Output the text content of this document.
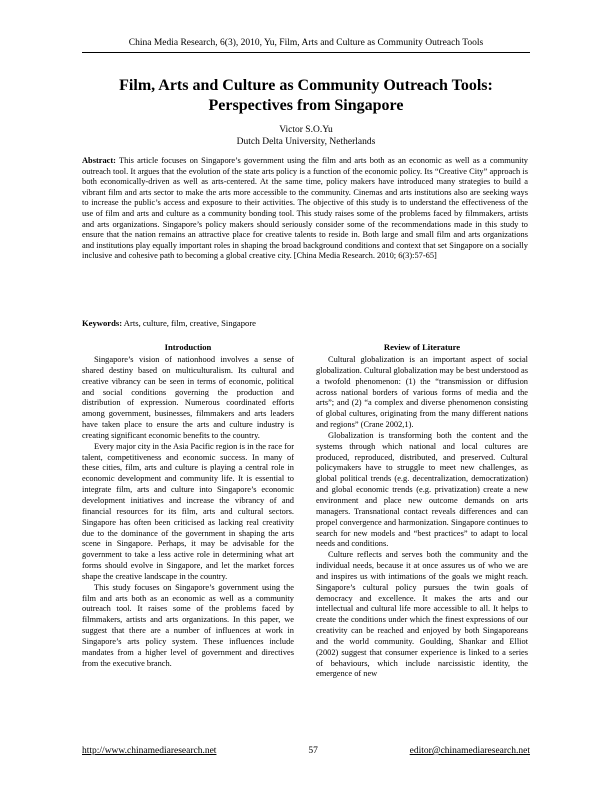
China Media Research, 6(3), 2010, Yu, Film, Arts and Culture as Community Outreach Tools
Film, Arts and Culture as Community Outreach Tools:
Perspectives from Singapore
Victor S.O.Yu
Dutch Delta University, Netherlands
Abstract: This article focuses on Singapore’s government using the film and arts both as an economic as well as a community outreach tool. It argues that the evolution of the state arts policy is a function of the economic policy. Its “Creative City” approach is both economically-driven as well as arts-centered. At the same time, policy makers have introduced many strategies to build a vibrant film and arts sector to make the arts more accessible to the community. Cinemas and arts institutions also are seeking ways to increase the public’s access and exposure to their activities. The objective of this study is to understand the effectiveness of the use of film and arts and culture as a community bonding tool. This study raises some of the problems faced by filmmakers, artists and arts organizations. Singapore’s policy makers should seriously consider some of the recommendations made in this study to ensure that the nation remains an attractive place for creative talents to reside in. Both large and small film and arts organizations and institutions play equally important roles in shaping the broad background conditions and context that set Singapore on a socially inclusive and cohesive path to becoming a global creative city. [China Media Research. 2010; 6(3):57-65]
Keywords: Arts, culture, film, creative, Singapore
Introduction

Singapore’s vision of nationhood involves a sense of shared destiny based on multiculturalism. Its cultural and creative vibrancy can be seen in terms of economic, political and social conditions governing the production and distribution of expression. Numerous coordinated efforts among government, businesses, filmmakers and arts leaders have taken place to ensure the arts and culture industry is creating significant economic benefits to the country.

Every major city in the Asia Pacific region is in the race for talent, competitiveness and economic success. In many of these cities, film, arts and culture is playing a central role in economic development and community life. It is essential to integrate film, arts and culture into Singapore’s economic development initiatives and increase the vibrancy of and financial resources for its film, arts and cultural sectors. Singapore has often been criticised as lacking real creativity due to the dominance of the government in shaping the arts scene in Singapore. Perhaps, it may be advisable for the government to take a less active role in determining what art forms should evolve in Singapore, and let the market forces shape the creative landscape in the country.

This study focuses on Singapore’s government using the film and arts both as an economic as well as a community outreach tool. It raises some of the problems faced by filmmakers, artists and arts organizations. In this paper, we suggest that there are a number of influences at work in Singapore’s arts policy system. These influences include mandates from a higher level of government and directives from the executive branch.

Review of Literature

Cultural globalization is an important aspect of social globalization. Cultural globalization may be best understood as a twofold phenomenon: (1) the “transmission or diffusion across national borders of various forms of media and the arts”; and (2) “a complex and diverse phenomenon consisting of global cultures, originating from the many different nations and regions” (Crane 2002,1).

Globalization is transforming both the content and the systems through which national and local cultures are produced, reproduced, distributed, and preserved. Cultural policymakers have to struggle to meet new challenges, as global political trends (e.g. decentralization, democratization) and global economic trends (e.g. privatization) create a new environment and place new outcome demands on arts managers. Transnational contact reveals differences and can propel convergence and harmonization. Singapore continues to search for new models and “best practices” to adapt to local needs and conditions.

Culture reflects and serves both the community and the individual needs, because it at once assures us of who we are and inspires us with intimations of the goals we might reach. Singapore’s cultural policy pursues the twin goals of democracy and excellence. It makes the arts and our intellectual and cultural life more accessible to all. It helps to create the conditions under which the finest expressions of our creativity can be reached and enjoyed by both Singaporeans and the world community. Goulding, Shankar and Elliot (2002) suggest that consumer experience is linked to a series of behaviours, which include narcissistic identity, the emergence of new

http://www.chinamediaresearch.net	57	editor@chinamediaresearch.net
